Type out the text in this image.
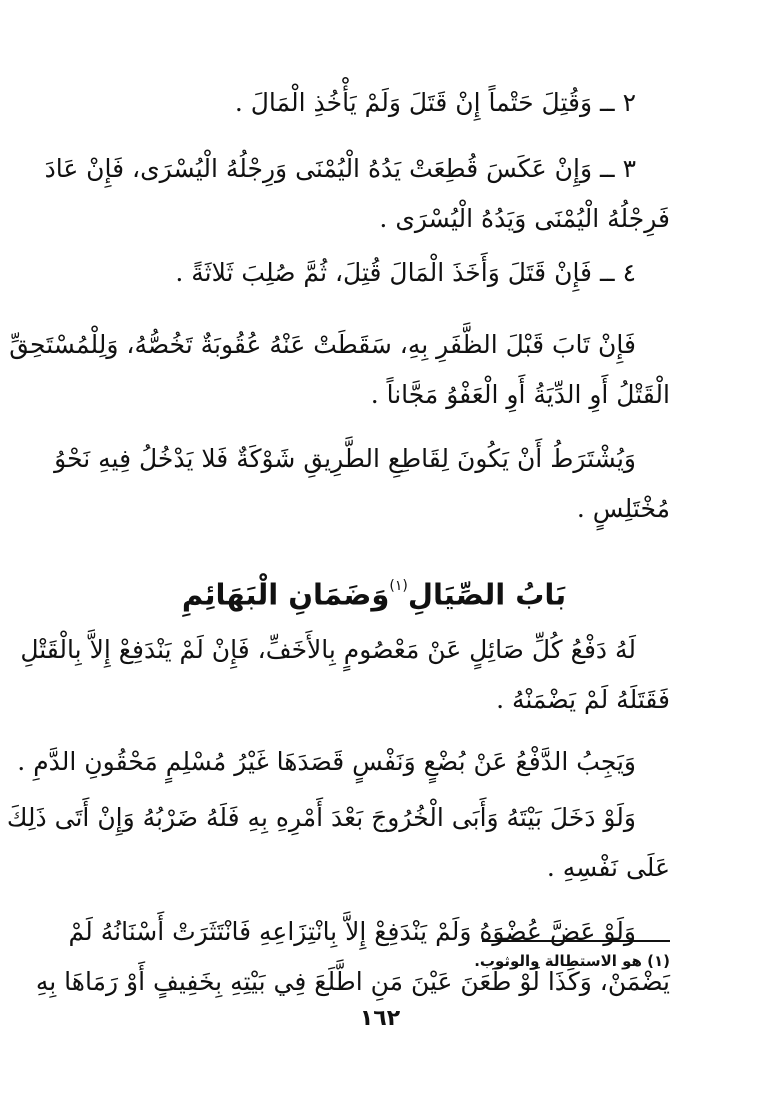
٢ ــ وَقُتِلَ حَتْماً إِنْ قَتَلَ وَلَمْ يَأْخُذِ الْمَالَ .

٣ ــ وَإِنْ عَكَسَ قُطِعَتْ يَدُهُ الْيُمْنَى وَرِجْلُهُ الْيُسْرَى، فَإِنْ عَادَ

فَرِجْلُهُ الْيُمْنَى وَيَدُهُ الْيُسْرَى .

٤ ــ فَإِنْ قَتَلَ وَأَخَذَ الْمَالَ قُتِلَ، ثُمَّ صُلِبَ ثَلاثَةً .

فَإِنْ تَابَ قَبْلَ الظَّفَرِ بِهِ، سَقَطَتْ عَنْهُ عُقُوبَةٌ تَخُصُّهُ، وَلِلْمُسْتَحِقِّ

الْقَتْلُ أَوِ الدِّيَةُ أَوِ الْعَفْوُ مَجَّاناً .

وَيُشْتَرَطُ أَنْ يَكُونَ لِقَاطِعِ الطَّرِيقِ شَوْكَةٌ فَلا يَدْخُلُ فِيهِ نَحْوُ

مُخْتَلِسٍ .

بَابُ الصِّيَالِ$^{(١)}$وَضَمَانِ الْبَهَائِمِ

لَهُ دَفْعُ كُلِّ صَائِلٍ عَنْ مَعْصُومٍ بِالأَخَفِّ، فَإِنْ لَمْ يَنْدَفِعْ إِلاَّ بِالْقَتْلِ

فَقَتَلَهُ لَمْ يَضْمَنْهُ .

وَيَجِبُ الدَّفْعُ عَنْ بُضْعٍ وَنَفْسٍ قَصَدَهَا غَيْرُ مُسْلِمٍ مَحْقُونِ الدَّمِ .

وَلَوْ دَخَلَ بَيْتَهُ وَأَبَى الْخُرُوجَ بَعْدَ أَمْرِهِ بِهِ فَلَهُ ضَرْبُهُ وَإِنْ أَتَى ذَلِكَ

عَلَى نَفْسِهِ .

وَلَوْ عَضَّ عُضْوَهُ وَلَمْ يَنْدَفِعْ إِلاَّ بِانْتِزَاعِهِ فَانْتَثَرَتْ أَسْنَانُهُ لَمْ

يَضْمَنْ، وَكَذَا لَوْ طَعَنَ عَيْنَ مَنِ اطَّلَعَ فِي بَيْتِهِ بِخَفِيفٍ أَوْ رَمَاهَا بِهِ

(١) هو الاستطالة والوثوب.
١٦٢
